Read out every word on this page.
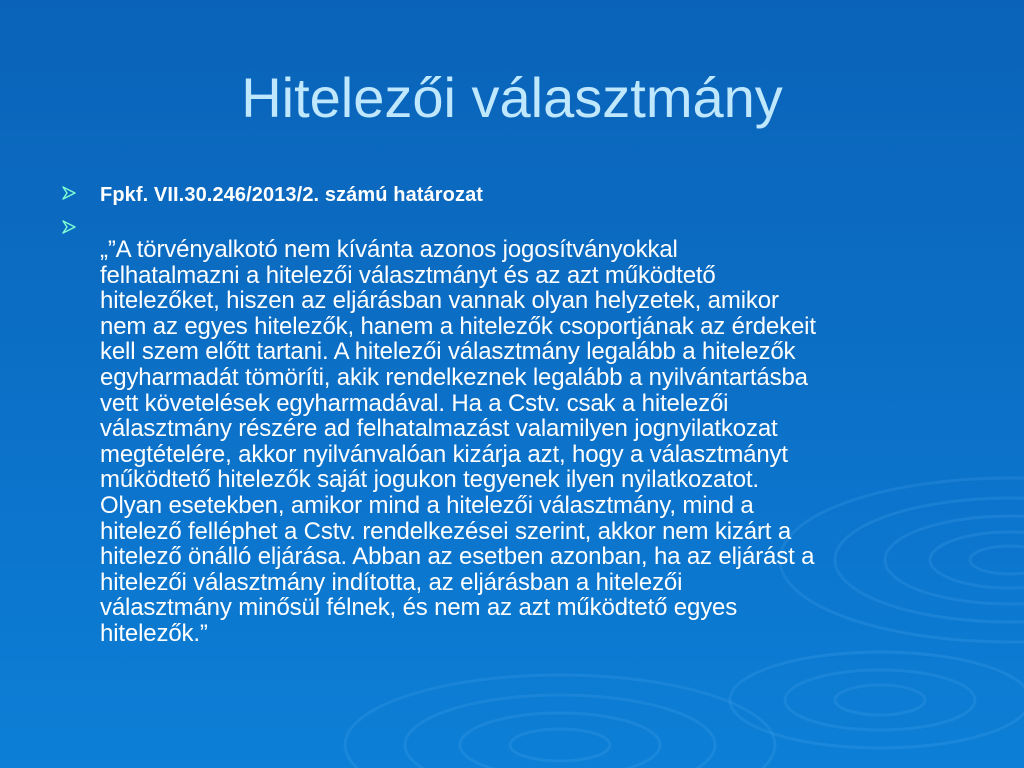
Hitelezői választmány
Fpkf. VII.30.246/2013/2. számú határozat
„”A törvényalkotó nem kívánta azonos jogosítványokkal
felhatalmazni a hitelezői választmányt és az azt működtető
hitelezőket, hiszen az eljárásban vannak olyan helyzetek, amikor
nem az egyes hitelezők, hanem a hitelezők csoportjának az érdekeit
kell szem előtt tartani. A hitelezői választmány legalább a hitelezők
egyharmadát tömöríti, akik rendelkeznek legalább a nyilvántartásba
vett követelések egyharmadával. Ha a Cstv. csak a hitelezői
választmány részére ad felhatalmazást valamilyen jognyilatkozat
megtételére, akkor nyilvánvalóan kizárja azt, hogy a választmányt
működtető hitelezők saját jogukon tegyenek ilyen nyilatkozatot.
Olyan esetekben, amikor mind a hitelezői választmány, mind a
hitelező felléphet a Cstv. rendelkezései szerint, akkor nem kizárt a
hitelező önálló eljárása. Abban az esetben azonban, ha az eljárást a
hitelezői választmány indította, az eljárásban a hitelezői
választmány minősül félnek, és nem az azt működtető egyes
hitelezők.”
